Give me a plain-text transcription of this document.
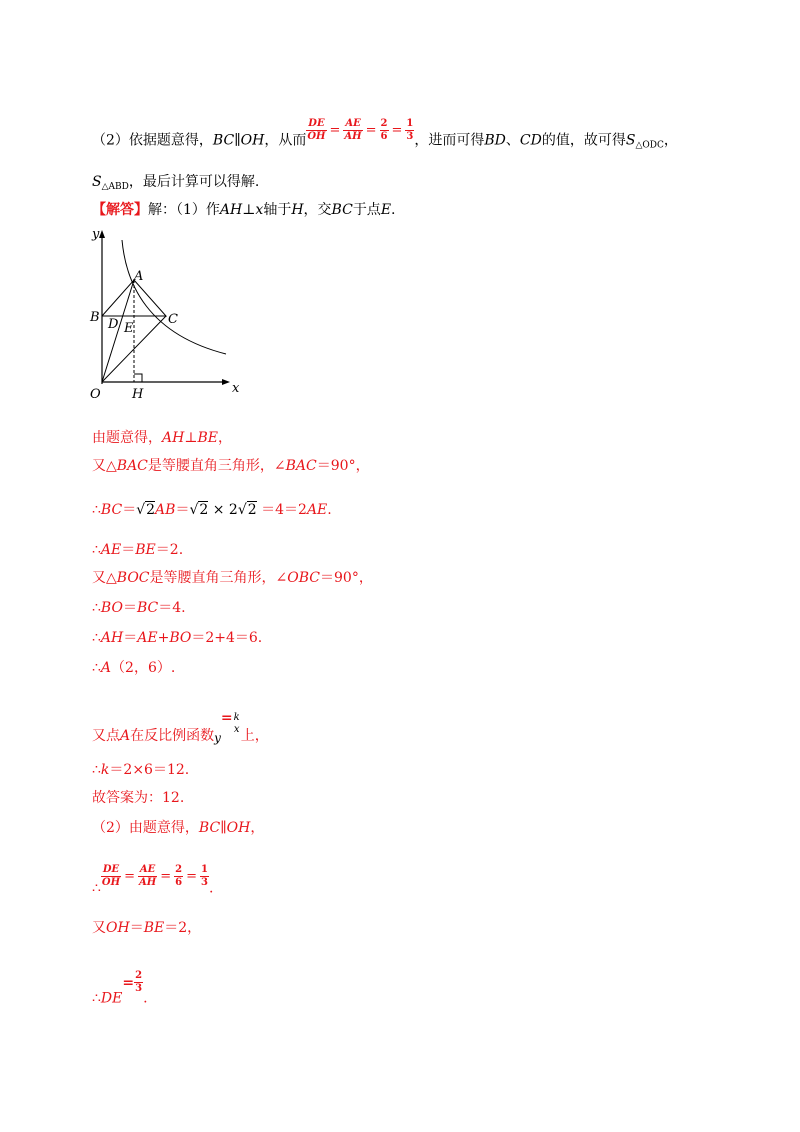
（2）依据题意得，BC∥OH，从而 $\frac{DE}{OH} = \frac{AE}{AH} = \frac{2}{6} = \frac{1}{3}$ ，进而可得BD、CD的值，故可得$S_{\triangle ODC}$，
$S_{\triangle ABD}$，最后计算可以得解.
【解答】解：（1）作AH⊥x轴于H，交BC于点E.
y
x
O H
A
B	C
D E
由题意得，AH⊥BE，
又△BAC是等腰直角三角形，∠BAC＝90°，
∴BC＝√2AB＝√2 × 2√2 ＝4＝2AE.
∴AE＝BE＝2.
又△BOC是等腰直角三角形，∠OBC＝90°，
∴BO＝BC＝4.
∴AH＝AE+BO＝2+4＝6.
∴A（2，6）.
又点A在反比例函数y= k
x 上，
∴k＝2×6＝12.
故答案为：12.
（2）由题意得，BC∥OH，
∴ $\frac{DE}{OH} = \frac{AE}{AH} = \frac{2}{6} = \frac{1}{3}$ .
又OH＝BE＝2，
∴DE= $\frac{2}{3}$
.
